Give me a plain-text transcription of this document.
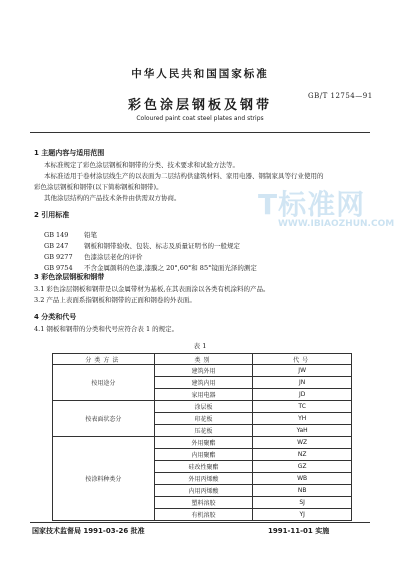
中华人民共和国国家标准
彩色涂层钢板及钢带
GB/T 12754—91
Coloured paint coat steel plates and strips
1 主题内容与适用范围
本标准规定了彩色涂层钢板和钢带的分类、技术要求和试验方法等。
本标准适用于卷材涂层线生产的以表面为二层结构供建筑材料、家用电器、钢制家具等行业使用的
彩色涂层钢板和钢带(以下简称钢板和钢带)。
其他涂层结构的产品技术条件由供需双方协商。
2 引用标准
GB 149 铅笔
GB 247 钢板和钢带验收、包装、标志及质量证明书的一般规定
GB 9277 色漆涂层老化的评价
GB 9754 不含金属颜料的色漆,漆膜之 20°,60°和 85°镜面光泽的测定
T标准网
WWW.IBIAOZHUN.COM
3 彩色涂层钢板和钢带
3.1 彩色涂层钢板和钢带是以金属带材为基板,在其表面涂以各类有机涂料的产品。
3.2 产品上表面系指钢板和钢带的正面和钢卷的外表面。
4 分类和代号
4.1 钢板和钢带的分类和代号应符合表 1 的规定。
表 1
分类方法	类别	代号
按用途分	建筑外用	JW
	建筑内用	JN
	家用电器	JD
按表面状态分	涂层板	TC
	印花板	YH
	压花板	YaH
按涂料种类分	外用聚酯	WZ
	内用聚酯	NZ
	硅改性聚酯	GZ
	外用丙烯酸	WB
	内用丙烯酸	NB
	塑料溶胶	SJ
	有机溶胶	YJ
国家技术监督局 1991-03-26 批准	1991-11-01 实施
